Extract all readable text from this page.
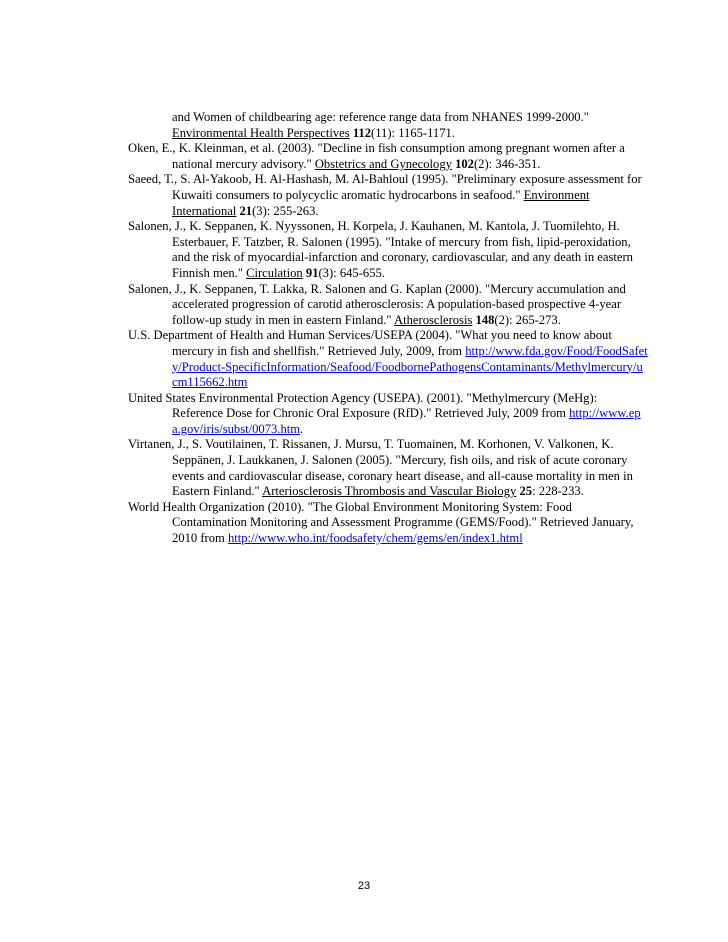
and Women of childbearing age: reference range data from NHANES 1999-2000." Environmental Health Perspectives 112(11): 1165-1171.

Oken, E., K. Kleinman, et al. (2003). "Decline in fish consumption among pregnant women after a national mercury advisory." Obstetrics and Gynecology 102(2): 346-351.

Saeed, T., S. Al-Yakoob, H. Al-Hashash, M. Al-Bahloul (1995). "Preliminary exposure assessment for Kuwaiti consumers to polycyclic aromatic hydrocarbons in seafood." Environment International 21(3): 255-263.

Salonen, J., K. Seppanen, K. Nyyssonen, H. Korpela, J. Kauhanen, M. Kantola, J. Tuomilehto, H. Esterbauer, F. Tatzber, R. Salonen (1995). "Intake of mercury from fish, lipid-peroxidation, and the risk of myocardial-infarction and coronary, cardiovascular, and any death in eastern Finnish men." Circulation 91(3): 645-655.

Salonen, J., K. Seppanen, T. Lakka, R. Salonen and G. Kaplan (2000). "Mercury accumulation and accelerated progression of carotid atherosclerosis: A population-based prospective 4-year follow-up study in men in eastern Finland." Atherosclerosis 148(2): 265-273.

U.S. Department of Health and Human Services/USEPA (2004). "What you need to know about mercury in fish and shellfish." Retrieved July, 2009, from http://www.fda.gov/Food/FoodSafety/Product-SpecificInformation/Seafood/FoodbornePathogensContaminants/Methylmercury/ucm115662.htm

United States Environmental Protection Agency (USEPA). (2001). "Methylmercury (MeHg): Reference Dose for Chronic Oral Exposure (RfD)." Retrieved July, 2009 from http://www.epa.gov/iris/subst/0073.htm.

Virtanen, J., S. Voutilainen, T. Rissanen, J. Mursu, T. Tuomainen, M. Korhonen, V. Valkonen, K. Seppänen, J. Laukkanen, J. Salonen (2005). "Mercury, fish oils, and risk of acute coronary events and cardiovascular disease, coronary heart disease, and all-cause mortality in men in Eastern Finland." Arteriosclerosis Thrombosis and Vascular Biology 25: 228-233.

World Health Organization (2010). "The Global Environment Monitoring System: Food Contamination Monitoring and Assessment Programme (GEMS/Food)." Retrieved January, 2010 from http://www.who.int/foodsafety/chem/gems/en/index1.html

23
